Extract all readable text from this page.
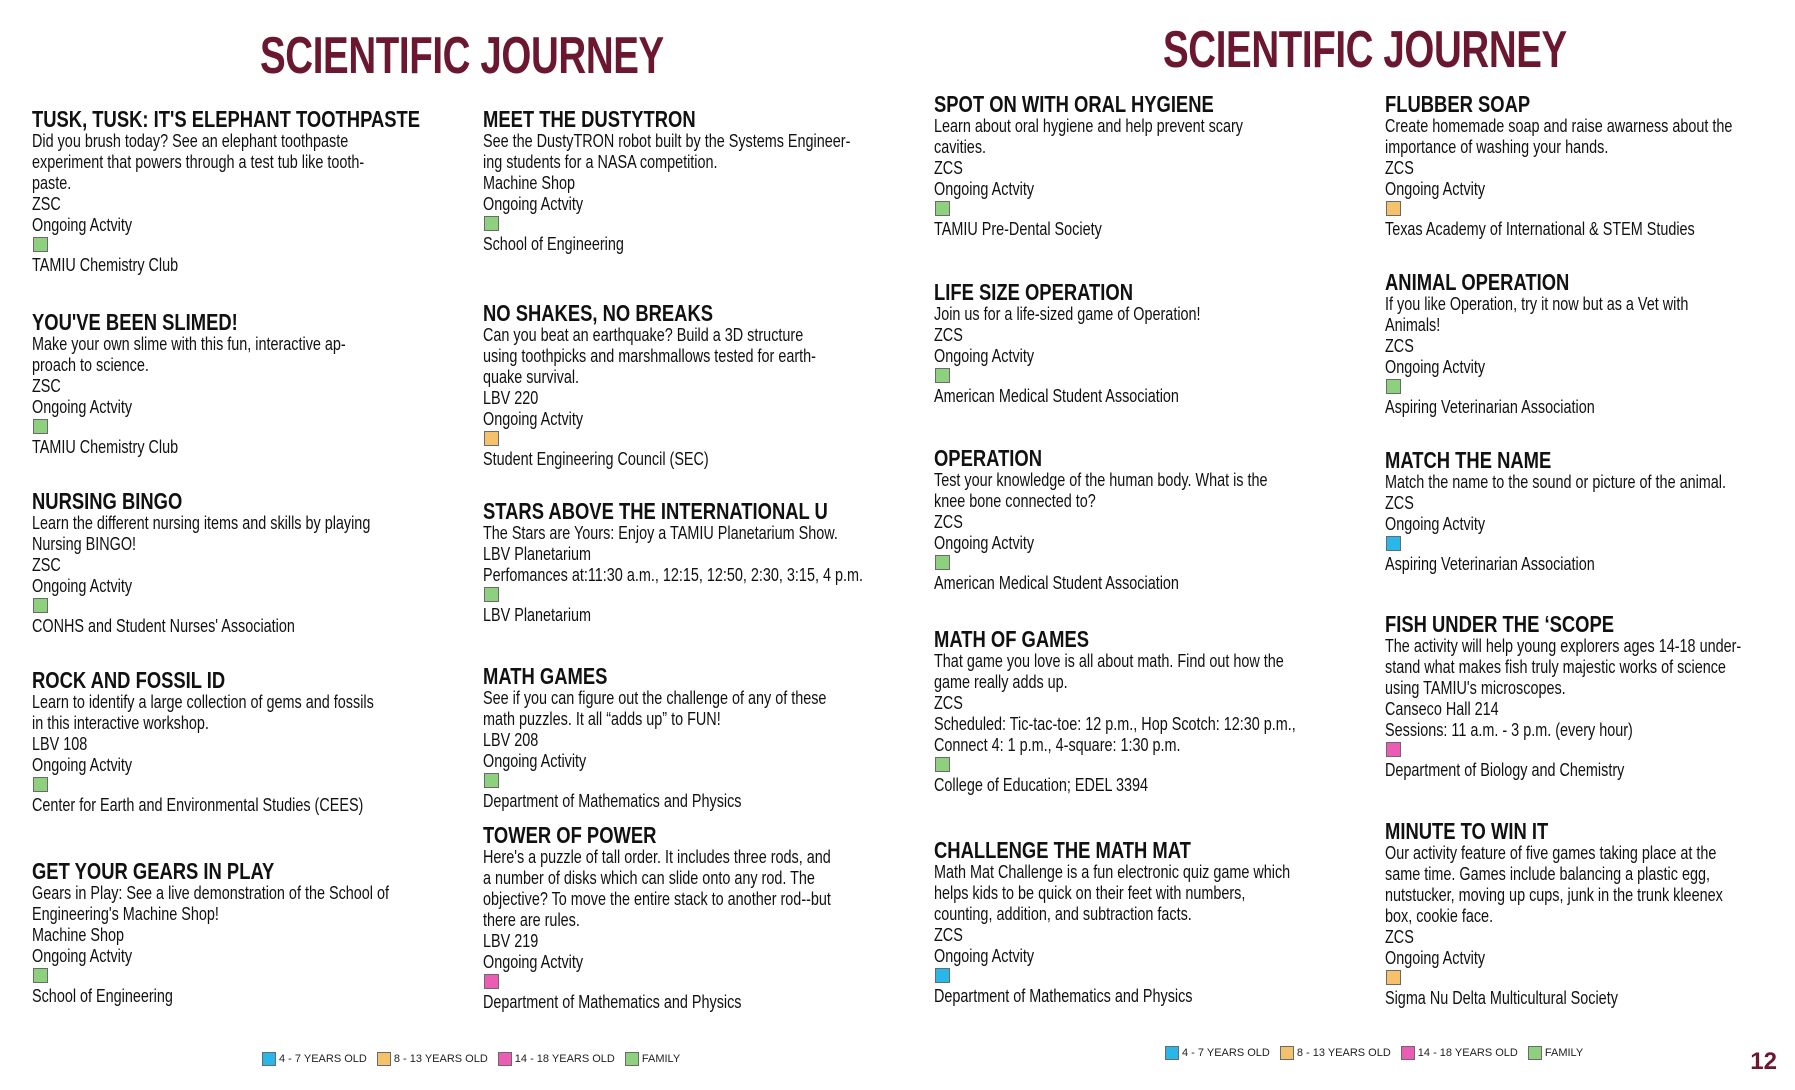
SCIENTIFIC JOURNEY	SCIENTIFIC JOURNEY
TUSK, TUSK: IT'S ELEPHANT TOOTHPASTE
Did you brush today? See an elephant toothpaste
experiment that powers through a test tub like tooth-
paste.
ZSC
Ongoing Actvity
TAMIU Chemistry Club
YOU'VE BEEN SLIMED!
Make your own slime with this fun, interactive ap-
proach to science.
ZSC
Ongoing Actvity
TAMIU Chemistry Club
NURSING BINGO
Learn the different nursing items and skills by playing
Nursing BINGO!
ZSC
Ongoing Actvity
CONHS and Student Nurses' Association
ROCK AND FOSSIL ID
Learn to identify a large collection of gems and fossils
in this interactive workshop.
LBV 108
Ongoing Actvity
Center for Earth and Environmental Studies (CEES)
GET YOUR GEARS IN PLAY
Gears in Play: See a live demonstration of the School of
Engineering's Machine Shop!
Machine Shop
Ongoing Actvity
School of Engineering
MEET THE DUSTYTRON
See the DustyTRON robot built by the Systems Engineer-
ing students for a NASA competition.
Machine Shop
Ongoing Actvity
School of Engineering
NO SHAKES, NO BREAKS
Can you beat an earthquake? Build a 3D structure
using toothpicks and marshmallows tested for earth-
quake survival.
LBV 220
Ongoing Actvity
Student Engineering Council (SEC)
STARS ABOVE THE INTERNATIONAL U
The Stars are Yours: Enjoy a TAMIU Planetarium Show.
LBV Planetarium
Perfomances at:11:30 a.m., 12:15, 12:50, 2:30, 3:15, 4 p.m.
LBV Planetarium
MATH GAMES
See if you can figure out the challenge of any of these
math puzzles. It all “adds up” to FUN!
LBV 208
Ongoing Activity
Department of Mathematics and Physics
TOWER OF POWER
Here's a puzzle of tall order. It includes three rods, and
a number of disks which can slide onto any rod. The
objective? To move the entire stack to another rod--but
there are rules.
LBV 219
Ongoing Actvity
Department of Mathematics and Physics
SPOT ON WITH ORAL HYGIENE
Learn about oral hygiene and help prevent scary
cavities.
ZCS
Ongoing Actvity
TAMIU Pre-Dental Society
LIFE SIZE OPERATION
Join us for a life-sized game of Operation!
ZCS
Ongoing Actvity
American Medical Student Association
OPERATION
Test your knowledge of the human body. What is the
knee bone connected to?
ZCS
Ongoing Actvity
American Medical Student Association
MATH OF GAMES
That game you love is all about math. Find out how the
game really adds up.
ZCS
Scheduled: Tic-tac-toe: 12 p.m., Hop Scotch: 12:30 p.m.,
Connect 4: 1 p.m., 4-square: 1:30 p.m.
College of Education; EDEL 3394
CHALLENGE THE MATH MAT
Math Mat Challenge is a fun electronic quiz game which
helps kids to be quick on their feet with numbers,
counting, addition, and subtraction facts.
ZCS
Ongoing Actvity
Department of Mathematics and Physics
FLUBBER SOAP
Create homemade soap and raise awarness about the
importance of washing your hands.
ZCS
Ongoing Actvity
Texas Academy of International & STEM Studies
ANIMAL OPERATION
If you like Operation, try it now but as a Vet with
Animals!
ZCS
Ongoing Actvity
Aspiring Veterinarian Association
MATCH THE NAME
Match the name to the sound or picture of the animal.
ZCS
Ongoing Actvity
Aspiring Veterinarian Association
FISH UNDER THE ‘SCOPE
The activity will help young explorers ages 14-18 under-
stand what makes fish truly majestic works of science
using TAMIU's microscopes.
Canseco Hall 214
Sessions: 11 a.m. - 3 p.m. (every hour)
Department of Biology and Chemistry
MINUTE TO WIN IT
Our activity feature of five games taking place at the
same time. Games include balancing a plastic egg,
nutstucker, moving up cups, junk in the trunk kleenex
box, cookie face.
ZCS
Ongoing Actvity
Sigma Nu Delta Multicultural Society
4 - 7 YEARS OLD 8 - 13 YEARS OLD 14 - 18 YEARS OLD FAMILY	4 - 7 YEARS OLD 8 - 13 YEARS OLD 14 - 18 YEARS OLD FAMILY	12
